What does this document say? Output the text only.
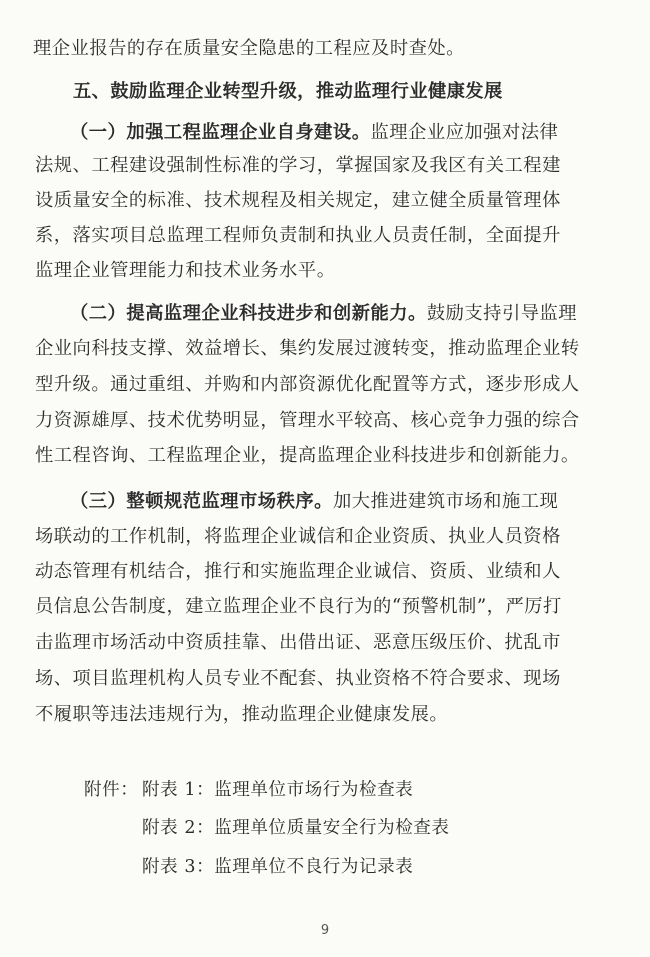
理企业报告的存在质量安全隐患的工程应及时查处。
五、鼓励监理企业转型升级，推动监理行业健康发展
（一）加强工程监理企业自身建设。监理企业应加强对法律
法规、工程建设强制性标准的学习，掌握国家及我区有关工程建
设质量安全的标准、技术规程及相关规定，建立健全质量管理体
系，落实项目总监理工程师负责制和执业人员责任制，全面提升
监理企业管理能力和技术业务水平。
（二）提高监理企业科技进步和创新能力。鼓励支持引导监理
企业向科技支撑、效益增长、集约发展过渡转变，推动监理企业转
型升级。通过重组、并购和内部资源优化配置等方式，逐步形成人
力资源雄厚、技术优势明显，管理水平较高、核心竞争力强的综合
性工程咨询、工程监理企业，提高监理企业科技进步和创新能力。
（三）整顿规范监理市场秩序。加大推进建筑市场和施工现
场联动的工作机制，将监理企业诚信和企业资质、执业人员资格
动态管理有机结合，推行和实施监理企业诚信、资质、业绩和人
员信息公告制度，建立监理企业不良行为的“预警机制”，严厉打
击监理市场活动中资质挂靠、出借出证、恶意压级压价、扰乱市
场、项目监理机构人员专业不配套、执业资格不符合要求、现场
不履职等违法违规行为，推动监理企业健康发展。
附件： 附表 1：监理单位市场行为检查表
附表 2：监理单位质量安全行为检查表
附表 3：监理单位不良行为记录表
9
